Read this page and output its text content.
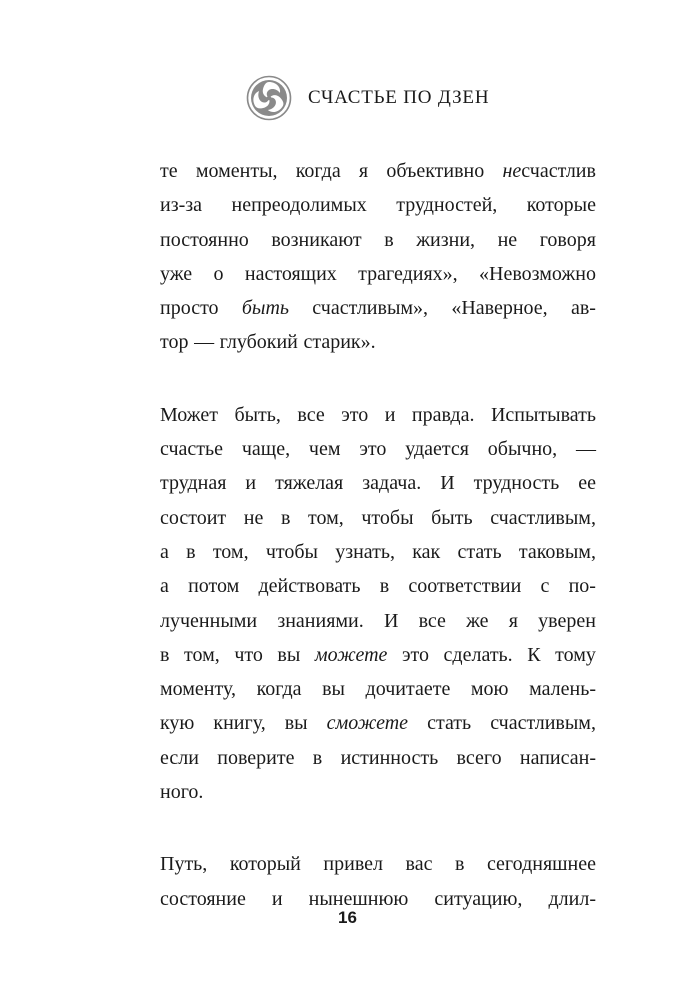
СЧАСТЬЕ ПО ДЗЕН
те моменты, когда я объективно несчастлив
из-за непреодолимых трудностей, которые
постоянно возникают в жизни, не говоря
уже о настоящих трагедиях», «Невозможно
просто быть счастливым», «Наверное, ав-
тор — глубокий старик».
Может быть, все это и правда. Испытывать
счастье чаще, чем это удается обычно, —
трудная и тяжелая задача. И трудность ее
состоит не в том, чтобы быть счастливым,
а в том, чтобы узнать, как стать таковым,
а потом действовать в соответствии с по-
лученными знаниями. И все же я уверен
в том, что вы можете это сделать. К тому
моменту, когда вы дочитаете мою малень-
кую книгу, вы сможете стать счастливым,
если поверите в истинность всего написан-
ного.
Путь, который привел вас в сегодняшнее
состояние и нынешнюю ситуацию, длил-
16
